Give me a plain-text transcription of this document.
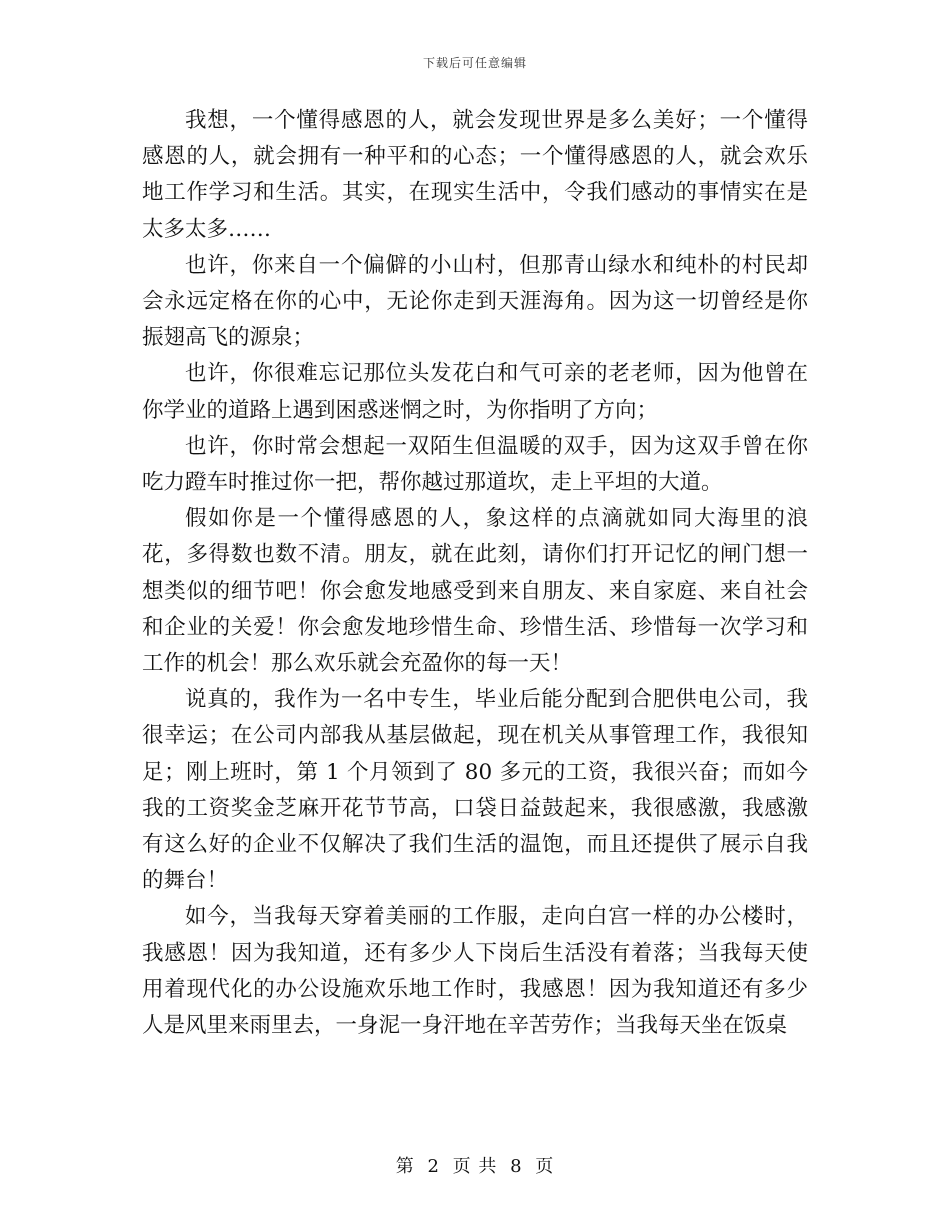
下载后可任意编辑

我想，一个懂得感恩的人，就会发现世界是多么美好；一个懂得感恩的人，就会拥有一种平和的心态；一个懂得感恩的人，就会欢乐地工作学习和生活。其实，在现实生活中，令我们感动的事情实在是太多太多……

也许，你来自一个偏僻的小山村，但那青山绿水和纯朴的村民却会永远定格在你的心中，无论你走到天涯海角。因为这一切曾经是你振翅高飞的源泉；

也许，你很难忘记那位头发花白和气可亲的老老师，因为他曾在你学业的道路上遇到困惑迷惘之时，为你指明了方向；

也许，你时常会想起一双陌生但温暖的双手，因为这双手曾在你吃力蹬车时推过你一把，帮你越过那道坎，走上平坦的大道。

假如你是一个懂得感恩的人，象这样的点滴就如同大海里的浪花，多得数也数不清。朋友，就在此刻，请你们打开记忆的闸门想一想类似的细节吧！你会愈发地感受到来自朋友、来自家庭、来自社会和企业的关爱！你会愈发地珍惜生命、珍惜生活、珍惜每一次学习和工作的机会！那么欢乐就会充盈你的每一天！

说真的，我作为一名中专生，毕业后能分配到合肥供电公司，我很幸运；在公司内部我从基层做起，现在机关从事管理工作，我很知足；刚上班时，第 1 个月领到了 80 多元的工资，我很兴奋；而如今我的工资奖金芝麻开花节节高，口袋日益鼓起来，我很感激，我感激有这么好的企业不仅解决了我们生活的温饱，而且还提供了展示自我的舞台！

如今，当我每天穿着美丽的工作服，走向白宫一样的办公楼时，我感恩！因为我知道，还有多少人下岗后生活没有着落；当我每天使用着现代化的办公设施欢乐地工作时，我感恩！因为我知道还有多少人是风里来雨里去，一身泥一身汗地在辛苦劳作；当我每天坐在饭桌

第 2 页 共 8 页
